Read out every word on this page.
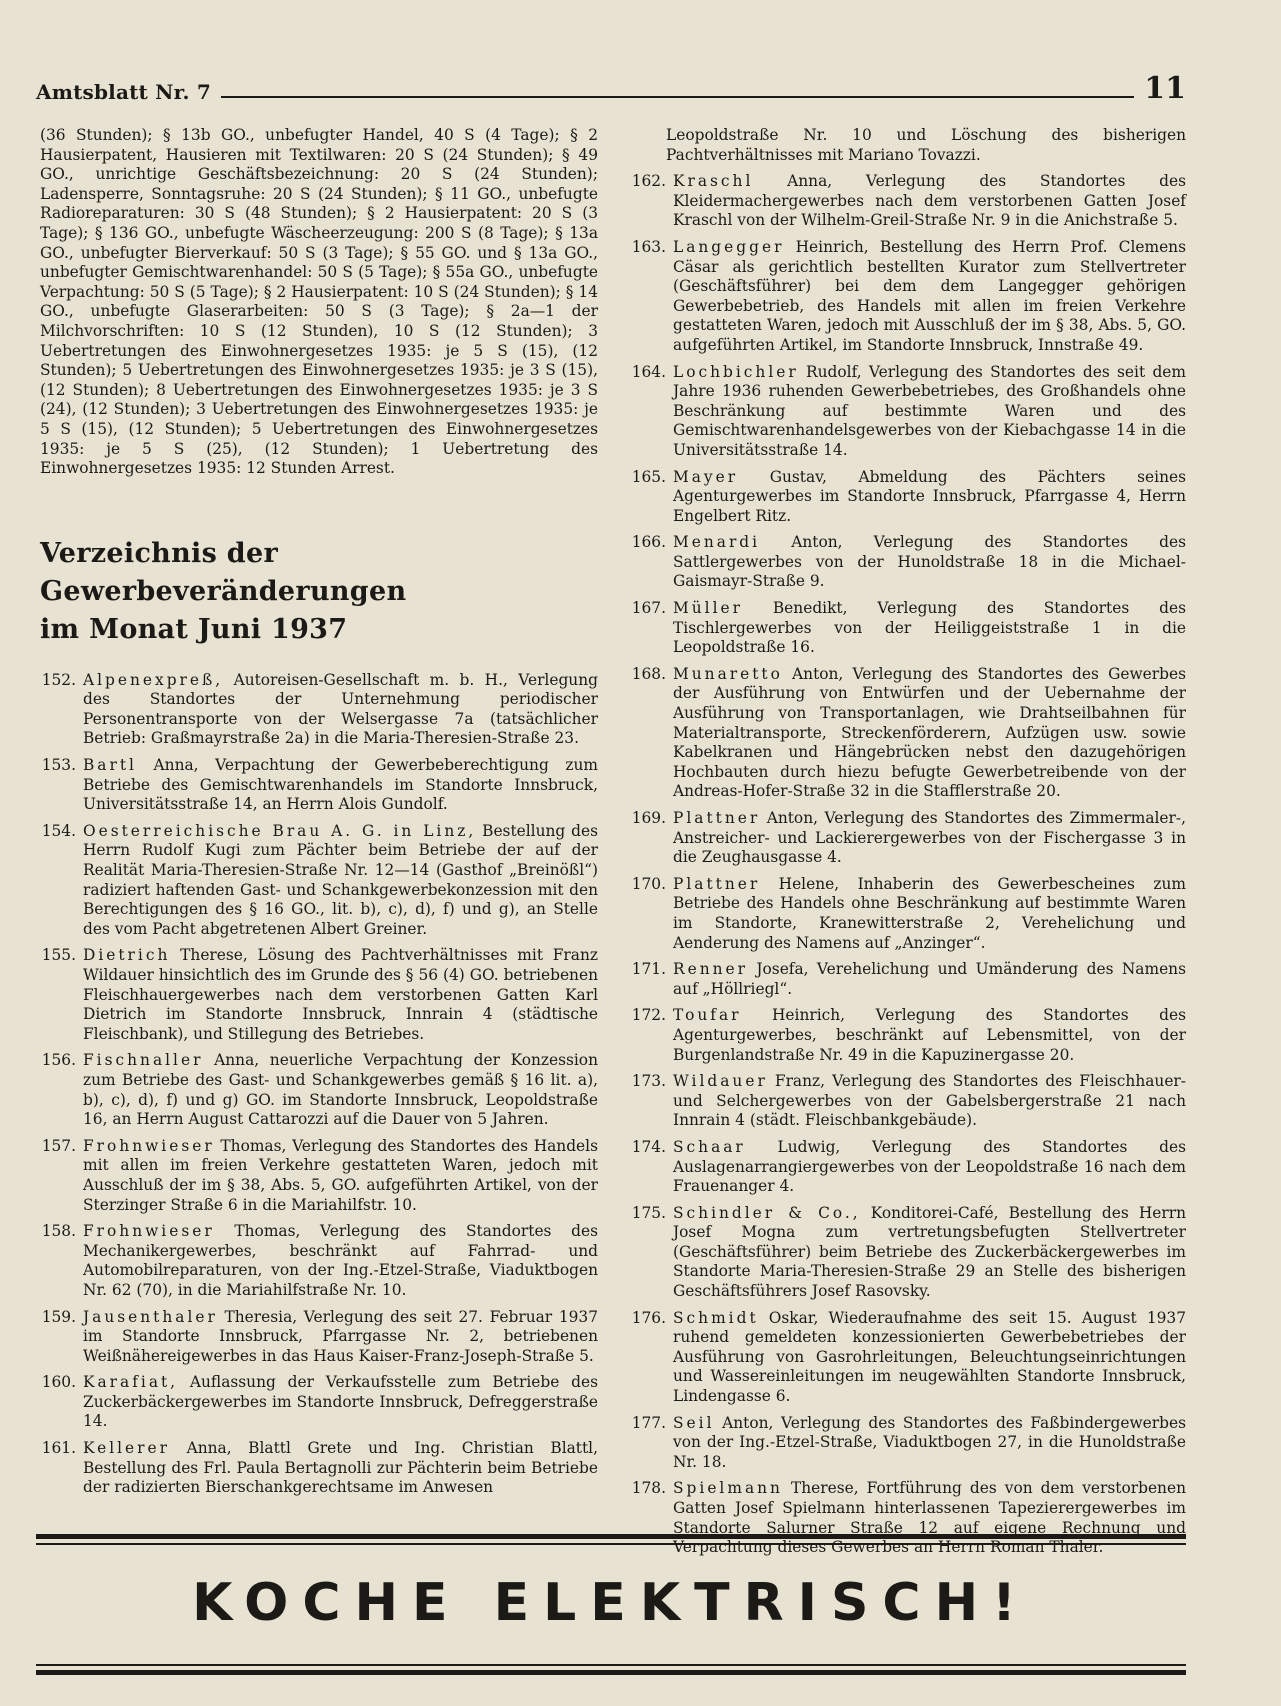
Amtsblatt Nr. 7	11

(36 Stunden); § 13b GO., unbefugter Handel, 40 S (4 Tage); § 2 Hausierpatent, Hausieren mit Textilwaren: 20 S (24 Stunden); § 49 GO., unrichtige Geschäftsbezeichnung: 20 S (24 Stunden); Ladensperre, Sonntagsruhe: 20 S (24 Stunden); § 11 GO., unbefugte Radioreparaturen: 30 S (48 Stunden); § 2 Hausierpatent: 20 S (3 Tage); § 136 GO., unbefugte Wäscheerzeugung: 200 S (8 Tage); § 13a GO., unbefugter Bierverkauf: 50 S (3 Tage); § 55 GO. und § 13a GO., unbefugter Gemischtwarenhandel: 50 S (5 Tage); § 55a GO., unbefugte Verpachtung: 50 S (5 Tage); § 2 Hausierpatent: 10 S (24 Stunden); § 14 GO., unbefugte Glaserarbeiten: 50 S (3 Tage); § 2a—1 der Milchvorschriften: 10 S (12 Stunden), 10 S (12 Stunden); 3 Uebertretungen des Einwohnergesetzes 1935: je 5 S (15), (12 Stunden); 5 Uebertretungen des Einwohnergesetzes 1935: je 3 S (15), (12 Stunden); 8 Uebertretungen des Einwohnergesetzes 1935: je 3 S (24), (12 Stunden); 3 Uebertretungen des Einwohnergesetzes 1935: je 5 S (15), (12 Stunden); 5 Uebertretungen des Einwohnergesetzes 1935: je 5 S (25), (12 Stunden); 1 Uebertretung des Einwohnergesetzes 1935: 12 Stunden Arrest.

Verzeichnis der Gewerbeveränderungen
im Monat Juni 1937
152. Alpenexpreß, Autoreisen-Gesellschaft m. b. H., Verlegung des Standortes der Unternehmung periodischer Personentransporte von der Welsergasse 7a (tatsächlicher Betrieb: Graßmayrstraße 2a) in die Maria-Theresien-Straße 23.
153. Bartl Anna, Verpachtung der Gewerbeberechtigung zum Betriebe des Gemischtwarenhandels im Standorte Innsbruck, Universitätsstraße 14, an Herrn Alois Gundolf.
154. Oesterreichische Brau A. G. in Linz, Bestellung des Herrn Rudolf Kugi zum Pächter beim Betriebe der auf der Realität Maria-Theresien-Straße Nr. 12—14 (Gasthof „Breinößl“) radiziert haftenden Gast- und Schankgewerbekonzession mit den Berechtigungen des § 16 GO., lit. b), c), d), f) und g), an Stelle des vom Pacht abgetretenen Albert Greiner.
155. Dietrich Therese, Lösung des Pachtverhältnisses mit Franz Wildauer hinsichtlich des im Grunde des § 56 (4) GO. betriebenen Fleischhauergewerbes nach dem verstorbenen Gatten Karl Dietrich im Standorte Innsbruck, Innrain 4 (städtische Fleischbank), und Stillegung des Betriebes.
156. Fischnaller Anna, neuerliche Verpachtung der Konzession zum Betriebe des Gast- und Schankgewerbes gemäß § 16 lit. a), b), c), d), f) und g) GO. im Standorte Innsbruck, Leopoldstraße 16, an Herrn August Cattarozzi auf die Dauer von 5 Jahren.
157. Frohnwieser Thomas, Verlegung des Standortes des Handels mit allen im freien Verkehre gestatteten Waren, jedoch mit Ausschluß der im § 38, Abs. 5, GO. aufgeführten Artikel, von der Sterzinger Straße 6 in die Mariahilfstr. 10.
158. Frohnwieser Thomas, Verlegung des Standortes des Mechanikergewerbes, beschränkt auf Fahrrad- und Automobilreparaturen, von der Ing.-Etzel-Straße, Viaduktbogen Nr. 62 (70), in die Mariahilfstraße Nr. 10.
159. Jausenthaler Theresia, Verlegung des seit 27. Februar 1937 im Standorte Innsbruck, Pfarrgasse Nr. 2, betriebenen Weißnähereigewerbes in das Haus Kaiser-Franz-Joseph-Straße 5.
160. Karafiat, Auflassung der Verkaufsstelle zum Betriebe des Zuckerbäckergewerbes im Standorte Innsbruck, Defreggerstraße 14.
161. Kellerer Anna, Blattl Grete und Ing. Christian Blattl, Bestellung des Frl. Paula Bertagnolli zur Pächterin beim Betriebe der radizierten Bierschankgerechtsame im Anwesen

Leopoldstraße Nr. 10 und Löschung des bisherigen Pachtverhältnisses mit Mariano Tovazzi.

162. Kraschl Anna, Verlegung des Standortes des Kleidermachergewerbes nach dem verstorbenen Gatten Josef Kraschl von der Wilhelm-Greil-Straße Nr. 9 in die Anichstraße 5.
163. Langegger Heinrich, Bestellung des Herrn Prof. Clemens Cäsar als gerichtlich bestellten Kurator zum Stellvertreter (Geschäftsführer) bei dem dem Langegger gehörigen Gewerbebetrieb, des Handels mit allen im freien Verkehre gestatteten Waren, jedoch mit Ausschluß der im § 38, Abs. 5, GO. aufgeführten Artikel, im Standorte Innsbruck, Innstraße 49.
164. Lochbichler Rudolf, Verlegung des Standortes des seit dem Jahre 1936 ruhenden Gewerbebetriebes, des Großhandels ohne Beschränkung auf bestimmte Waren und des Gemischtwarenhandelsgewerbes von der Kiebachgasse 14 in die Universitätsstraße 14.
165. Mayer Gustav, Abmeldung des Pächters seines Agenturgewerbes im Standorte Innsbruck, Pfarrgasse 4, Herrn Engelbert Ritz.
166. Menardi Anton, Verlegung des Standortes des Sattlergewerbes von der Hunoldstraße 18 in die Michael-Gaismayr-Straße 9.
167. Müller Benedikt, Verlegung des Standortes des Tischlergewerbes von der Heiliggeiststraße 1 in die Leopoldstraße 16.
168. Munaretto Anton, Verlegung des Standortes des Gewerbes der Ausführung von Entwürfen und der Uebernahme der Ausführung von Transportanlagen, wie Drahtseilbahnen für Materialtransporte, Streckenförderern, Aufzügen usw. sowie Kabelkranen und Hängebrücken nebst den dazugehörigen Hochbauten durch hiezu befugte Gewerbetreibende von der Andreas-Hofer-Straße 32 in die Stafflerstraße 20.
169. Plattner Anton, Verlegung des Standortes des Zimmermaler-, Anstreicher- und Lackierergewerbes von der Fischergasse 3 in die Zeughausgasse 4.
170. Plattner Helene, Inhaberin des Gewerbescheines zum Betriebe des Handels ohne Beschränkung auf bestimmte Waren im Standorte, Kranewitterstraße 2, Verehelichung und Aenderung des Namens auf „Anzinger“.
171. Renner Josefa, Verehelichung und Umänderung des Namens auf „Höllriegl“.
172. Toufar Heinrich, Verlegung des Standortes des Agenturgewerbes, beschränkt auf Lebensmittel, von der Burgenlandstraße Nr. 49 in die Kapuzinergasse 20.
173. Wildauer Franz, Verlegung des Standortes des Fleischhauer- und Selchergewerbes von der Gabelsbergerstraße 21 nach Innrain 4 (städt. Fleischbankgebäude).
174. Schaar Ludwig, Verlegung des Standortes des Auslagenarrangiergewerbes von der Leopoldstraße 16 nach dem Frauenanger 4.
175. Schindler & Co., Konditorei-Café, Bestellung des Herrn Josef Mogna zum vertretungsbefugten Stellvertreter (Geschäftsführer) beim Betriebe des Zuckerbäckergewerbes im Standorte Maria-Theresien-Straße 29 an Stelle des bisherigen Geschäftsführers Josef Rasovsky.
176. Schmidt Oskar, Wiederaufnahme des seit 15. August 1937 ruhend gemeldeten konzessionierten Gewerbebetriebes der Ausführung von Gasrohrleitungen, Beleuchtungseinrichtungen und Wassereinleitungen im neugewählten Standorte Innsbruck, Lindengasse 6.
177. Seil Anton, Verlegung des Standortes des Faßbindergewerbes von der Ing.-Etzel-Straße, Viaduktbogen 27, in die Hunoldstraße Nr. 18.
178. Spielmann Therese, Fortführung des von dem verstorbenen Gatten Josef Spielmann hinterlassenen Tapezierergewerbes im Standorte Salurner Straße 12 auf eigene Rechnung und Verpachtung dieses Gewerbes an Herrn Roman Thaler.
KOCHE ELEKTRISCH!
